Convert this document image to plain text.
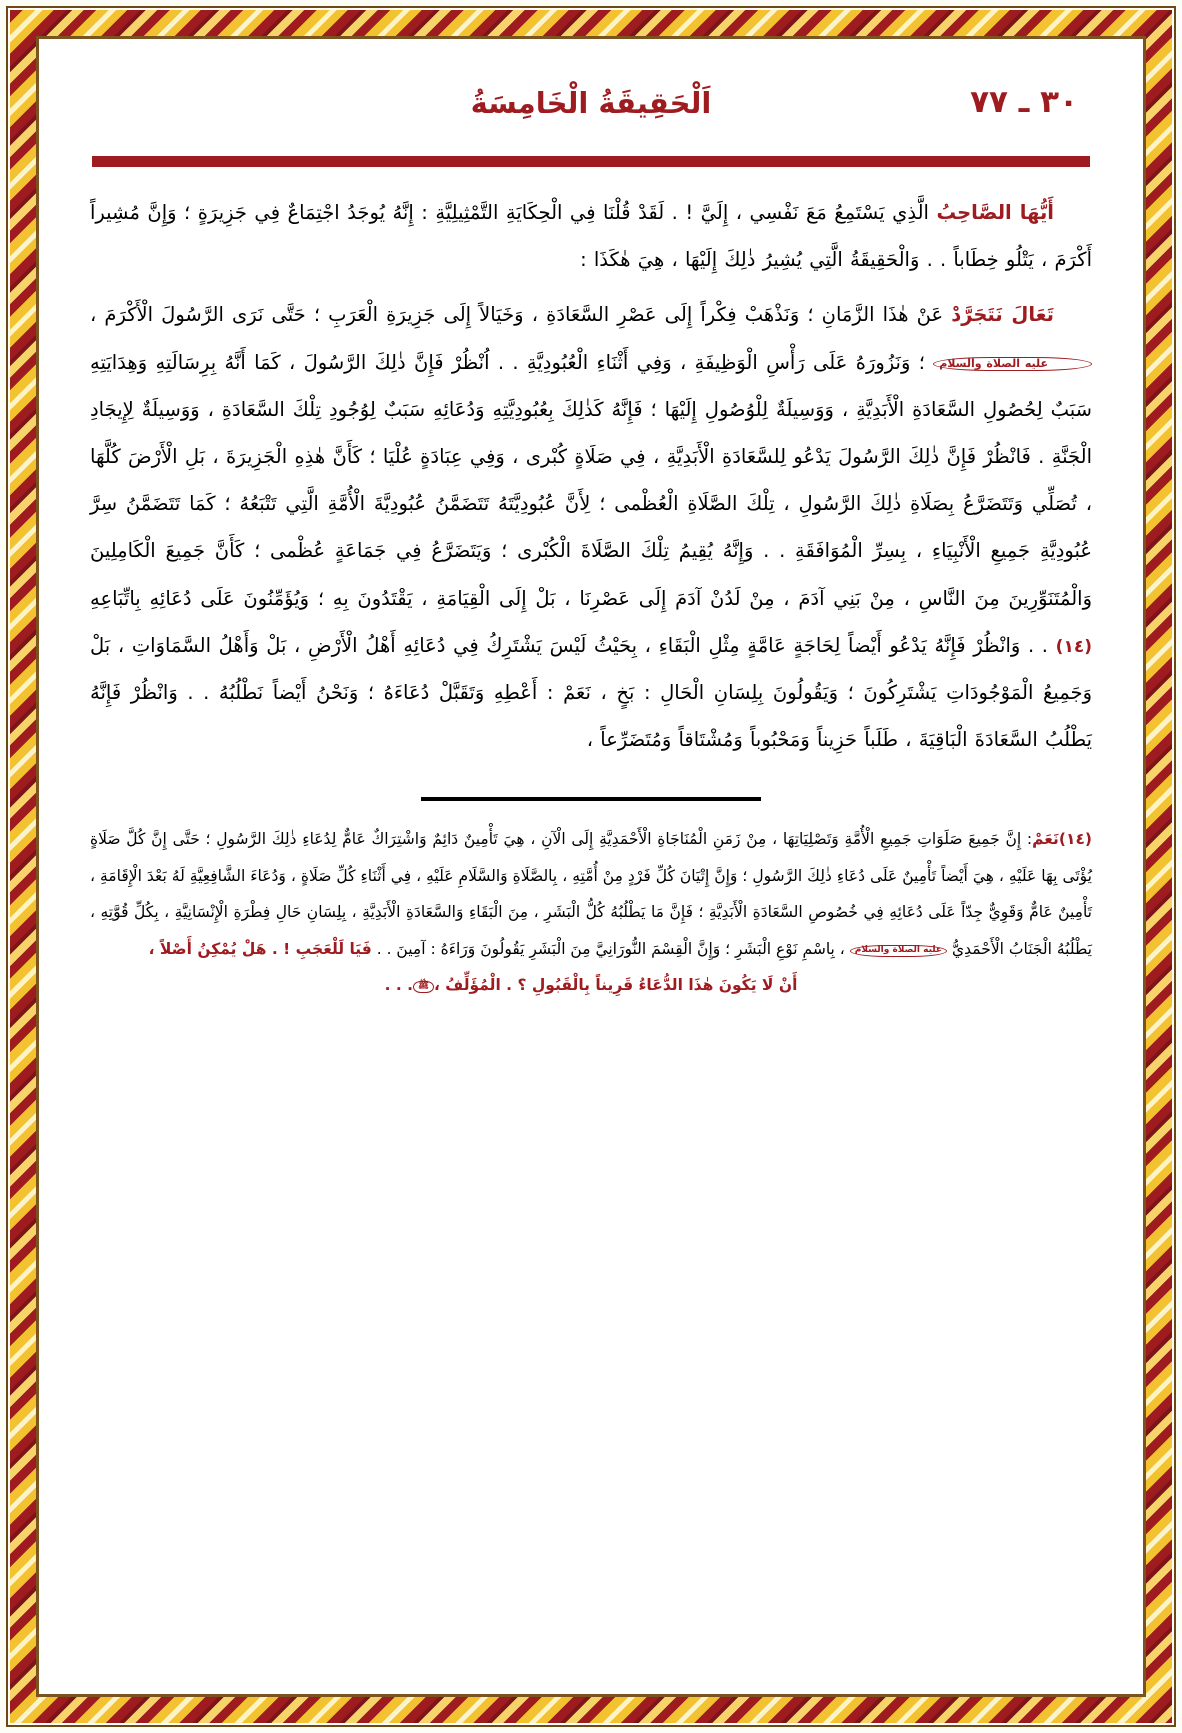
٣٠ ـ ٧٧
اَلْحَقِيقَةُ الْخَامِسَةُ

أَيُّهَا الصَّاحِبُ الَّذِي يَسْتَمِعُ مَعَ نَفْسِي ، إِلَيَّ ! . لَقَدْ قُلْنَا فِي الْحِكَايَةِ التَّمْثِيلِيَّةِ : إِنَّهُ يُوجَدُ اجْتِمَاعٌ فِي جَزِيرَةٍ ؛ وَإِنَّ مُشِيراً أَكْرَمَ ، يَتْلُو خِطَاباً . . وَالْحَقِيقَةُ الَّتِي يُشِيرُ ذٰلِكَ إِلَيْهَا ، هِيَ هٰكَذَا :

تَعَالَ نَتَجَرَّدْ عَنْ هٰذَا الزَّمَانِ ؛ وَنَذْهَبْ فِكْراً إِلَى عَصْرِ السَّعَادَةِ ، وَخَيَالاً إِلَى جَزِيرَةِ الْعَرَبِ ؛ حَتَّى نَرَى الرَّسُولَ الْأَكْرَمَ ، عليه الصلاة والسلام ؛ وَنَزُورَهُ عَلَى رَأْسِ الْوَظِيفَةِ ، وَفِي أَثْنَاءِ الْعُبُودِيَّةِ . . اُنْظُرْ فَإِنَّ ذٰلِكَ الرَّسُولَ ، كَمَا أَنَّهُ بِرِسَالَتِهِ وَهِدَايَتِهِ سَبَبٌ لِحُصُولِ السَّعَادَةِ الْأَبَدِيَّةِ ، وَوَسِيلَةٌ لِلْوُصُولِ إِلَيْهَا ؛ فَإِنَّهُ كَذٰلِكَ بِعُبُودِيَّتِهِ وَدُعَائِهِ سَبَبٌ لِوُجُودِ تِلْكَ السَّعَادَةِ ، وَوَسِيلَةٌ لِإِيجَادِ الْجَنَّةِ . فَانْظُرْ فَإِنَّ ذٰلِكَ الرَّسُولَ يَدْعُو لِلسَّعَادَةِ الْأَبَدِيَّةِ ، فِي صَلَاةٍ كُبْرى ، وَفِي عِبَادَةٍ عُلْيَا ؛ كَأَنَّ هٰذِهِ الْجَزِيرَةَ ، بَلِ الْأَرْضَ كُلَّهَا ، تُصَلِّي وَتَتَضَرَّعُ بِصَلَاةِ ذٰلِكَ الرَّسُولِ ، تِلْكَ الصَّلَاةِ الْعُظْمى ؛ لِأَنَّ عُبُودِيَّتَهُ تَتَضَمَّنُ عُبُودِيَّةَ الْأُمَّةِ الَّتِي تَتْبَعُهُ ؛ كَمَا تَتَضَمَّنُ سِرَّ عُبُودِيَّةِ جَمِيعِ الْأَنْبِيَاءِ ، بِسِرِّ الْمُوَافَقَةِ . . وَإِنَّهُ يُقِيمُ تِلْكَ الصَّلَاةَ الْكُبْرى ؛ وَيَتَضَرَّعُ فِي جَمَاعَةٍ عُظْمى ؛ كَأَنَّ جَمِيعَ الْكَامِلِينَ وَالْمُتَنَوِّرِينَ مِنَ النَّاسِ ، مِنْ بَنِي آدَمَ ، مِنْ لَدُنْ آدَمَ إِلَى عَصْرِنَا ، بَلْ إِلَى الْقِيَامَةِ ، يَقْتَدُونَ بِهِ ؛ وَيُؤَمِّنُونَ عَلَى دُعَائِهِ بِاتِّبَاعِهِ (١٤) . . وَانْظُرْ فَإِنَّهُ يَدْعُو أَيْضاً لِحَاجَةٍ عَامَّةٍ مِثْلِ الْبَقَاءِ ، بِحَيْثُ لَيْسَ يَشْتَرِكُ فِي دُعَائِهِ أَهْلُ الْأَرْضِ ، بَلْ وَأَهْلُ السَّمَاوَاتِ ، بَلْ وَجَمِيعُ الْمَوْجُودَاتِ يَشْتَرِكُونَ ؛ وَيَقُولُونَ بِلِسَانِ الْحَالِ : بَخٍ ، نَعَمْ : أَعْطِهِ وَتَقَبَّلْ دُعَاءَهُ ؛ وَنَحْنُ أَيْضاً نَطْلُبُهُ . . وَانْظُرْ فَإِنَّهُ يَطْلُبُ السَّعَادَةَ الْبَاقِيَةَ ، طَلَباً حَزِيناً وَمَحْبُوباً وَمُشْتَاقاً وَمُتَضَرِّعاً ،

(١٤)نَعَمْ: إِنَّ جَمِيعَ صَلَوَاتِ جَمِيعِ الْأُمَّةِ وَتَصْلِيَاتِهَا ، مِنْ زَمَنِ الْمُنَاجَاةِ الْأَحْمَدِيَّةِ إِلَى الْآنِ ، هِيَ تَأْمِينٌ دَائِمٌ وَاشْتِرَاكٌ عَامٌّ لِدُعَاءِ ذٰلِكَ الرَّسُولِ ؛ حَتَّى إِنَّ كُلَّ صَلَاةٍ يُؤْتَى بِهَا عَلَيْهِ ، هِيَ أَيْضاً تَأْمِينٌ عَلَى دُعَاءِ ذٰلِكَ الرَّسُولِ ؛ وَإِنَّ إِتْيَانَ كُلِّ فَرْدٍ مِنْ أُمَّتِهِ ، بِالصَّلَاةِ وَالسَّلَامِ عَلَيْهِ ، فِي أَثْنَاءِ كُلِّ صَلَاةٍ ، وَدُعَاءَ الشَّافِعِيَّةِ لَهُ بَعْدَ الْإِقَامَةِ ، تَأْمِينٌ عَامٌّ وَقَوِيٌّ جِدّاً عَلَى دُعَائِهِ فِي خُصُوصِ السَّعَادَةِ الْأَبَدِيَّةِ ؛ فَإِنَّ مَا يَطْلُبُهُ كُلُّ الْبَشَرِ ، مِنَ الْبَقَاءِ وَالسَّعَادَةِ الْأَبَدِيَّةِ ، بِلِسَانِ حَالِ فِطْرَةِ الْإِنْسَانِيَّةِ ، بِكُلِّ قُوَّتِهِ ، يَطْلُبُهُ الْجَنَابُ الْأَحْمَدِيُّ عليه الصلاة والسلام ، بِاسْمِ نَوْعِ الْبَشَرِ ؛ وَإِنَّ الْقِسْمَ النُّورَانِيَّ مِنَ الْبَشَرِ يَقُولُونَ وَرَاءَهُ : آمِينَ . . فَيَا لَلْعَجَبِ ! . هَلْ يُمْكِنُ أَصْلاً ،

أَنْ لَا يَكُونَ هٰذَا الدُّعَاءُ قَرِيناً بِالْقَبُولِ ؟ . الْمُؤَلِّفُ ،ﷺ. . .
